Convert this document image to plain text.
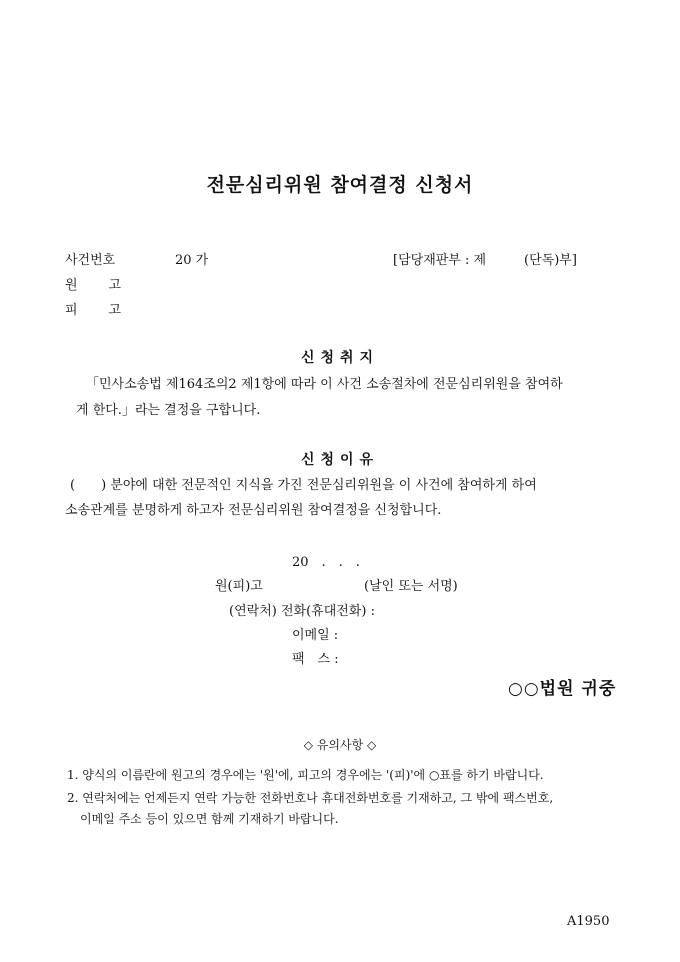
전문심리위원 참여결정 신청서
사건번호	20 가	[담당재판부 : 제	(단독)부]
원 고
피 고
신청취지
「민사소송법 제164조의2 제1항에 따라 이 사건 소송절차에 전문심리위원을 참여하
게 한다.」라는 결정을 구합니다.
신청이유
(　　) 분야에 대한 전문적인 지식을 가진 전문심리위원을 이 사건에 참여하게 하여
소송관계를 분명하게 하고자 전문심리위원 참여결정을 신청합니다.
20　.　.　.
원(피)고	(날인 또는 서명)
(연락처) 전화(휴대전화) :
이메일 :
팩　스 :
○○법원 귀중
◇ 유의사항 ◇
1. 양식의 이름란에 원고의 경우에는 '원'에, 피고의 경우에는 '(피)'에 ○표를 하기 바랍니다.
2. 연락처에는 언제든지 연락 가능한 전화번호나 휴대전화번호를 기재하고, 그 밖에 팩스번호,
이메일 주소 등이 있으면 함께 기재하기 바랍니다.
A1950
